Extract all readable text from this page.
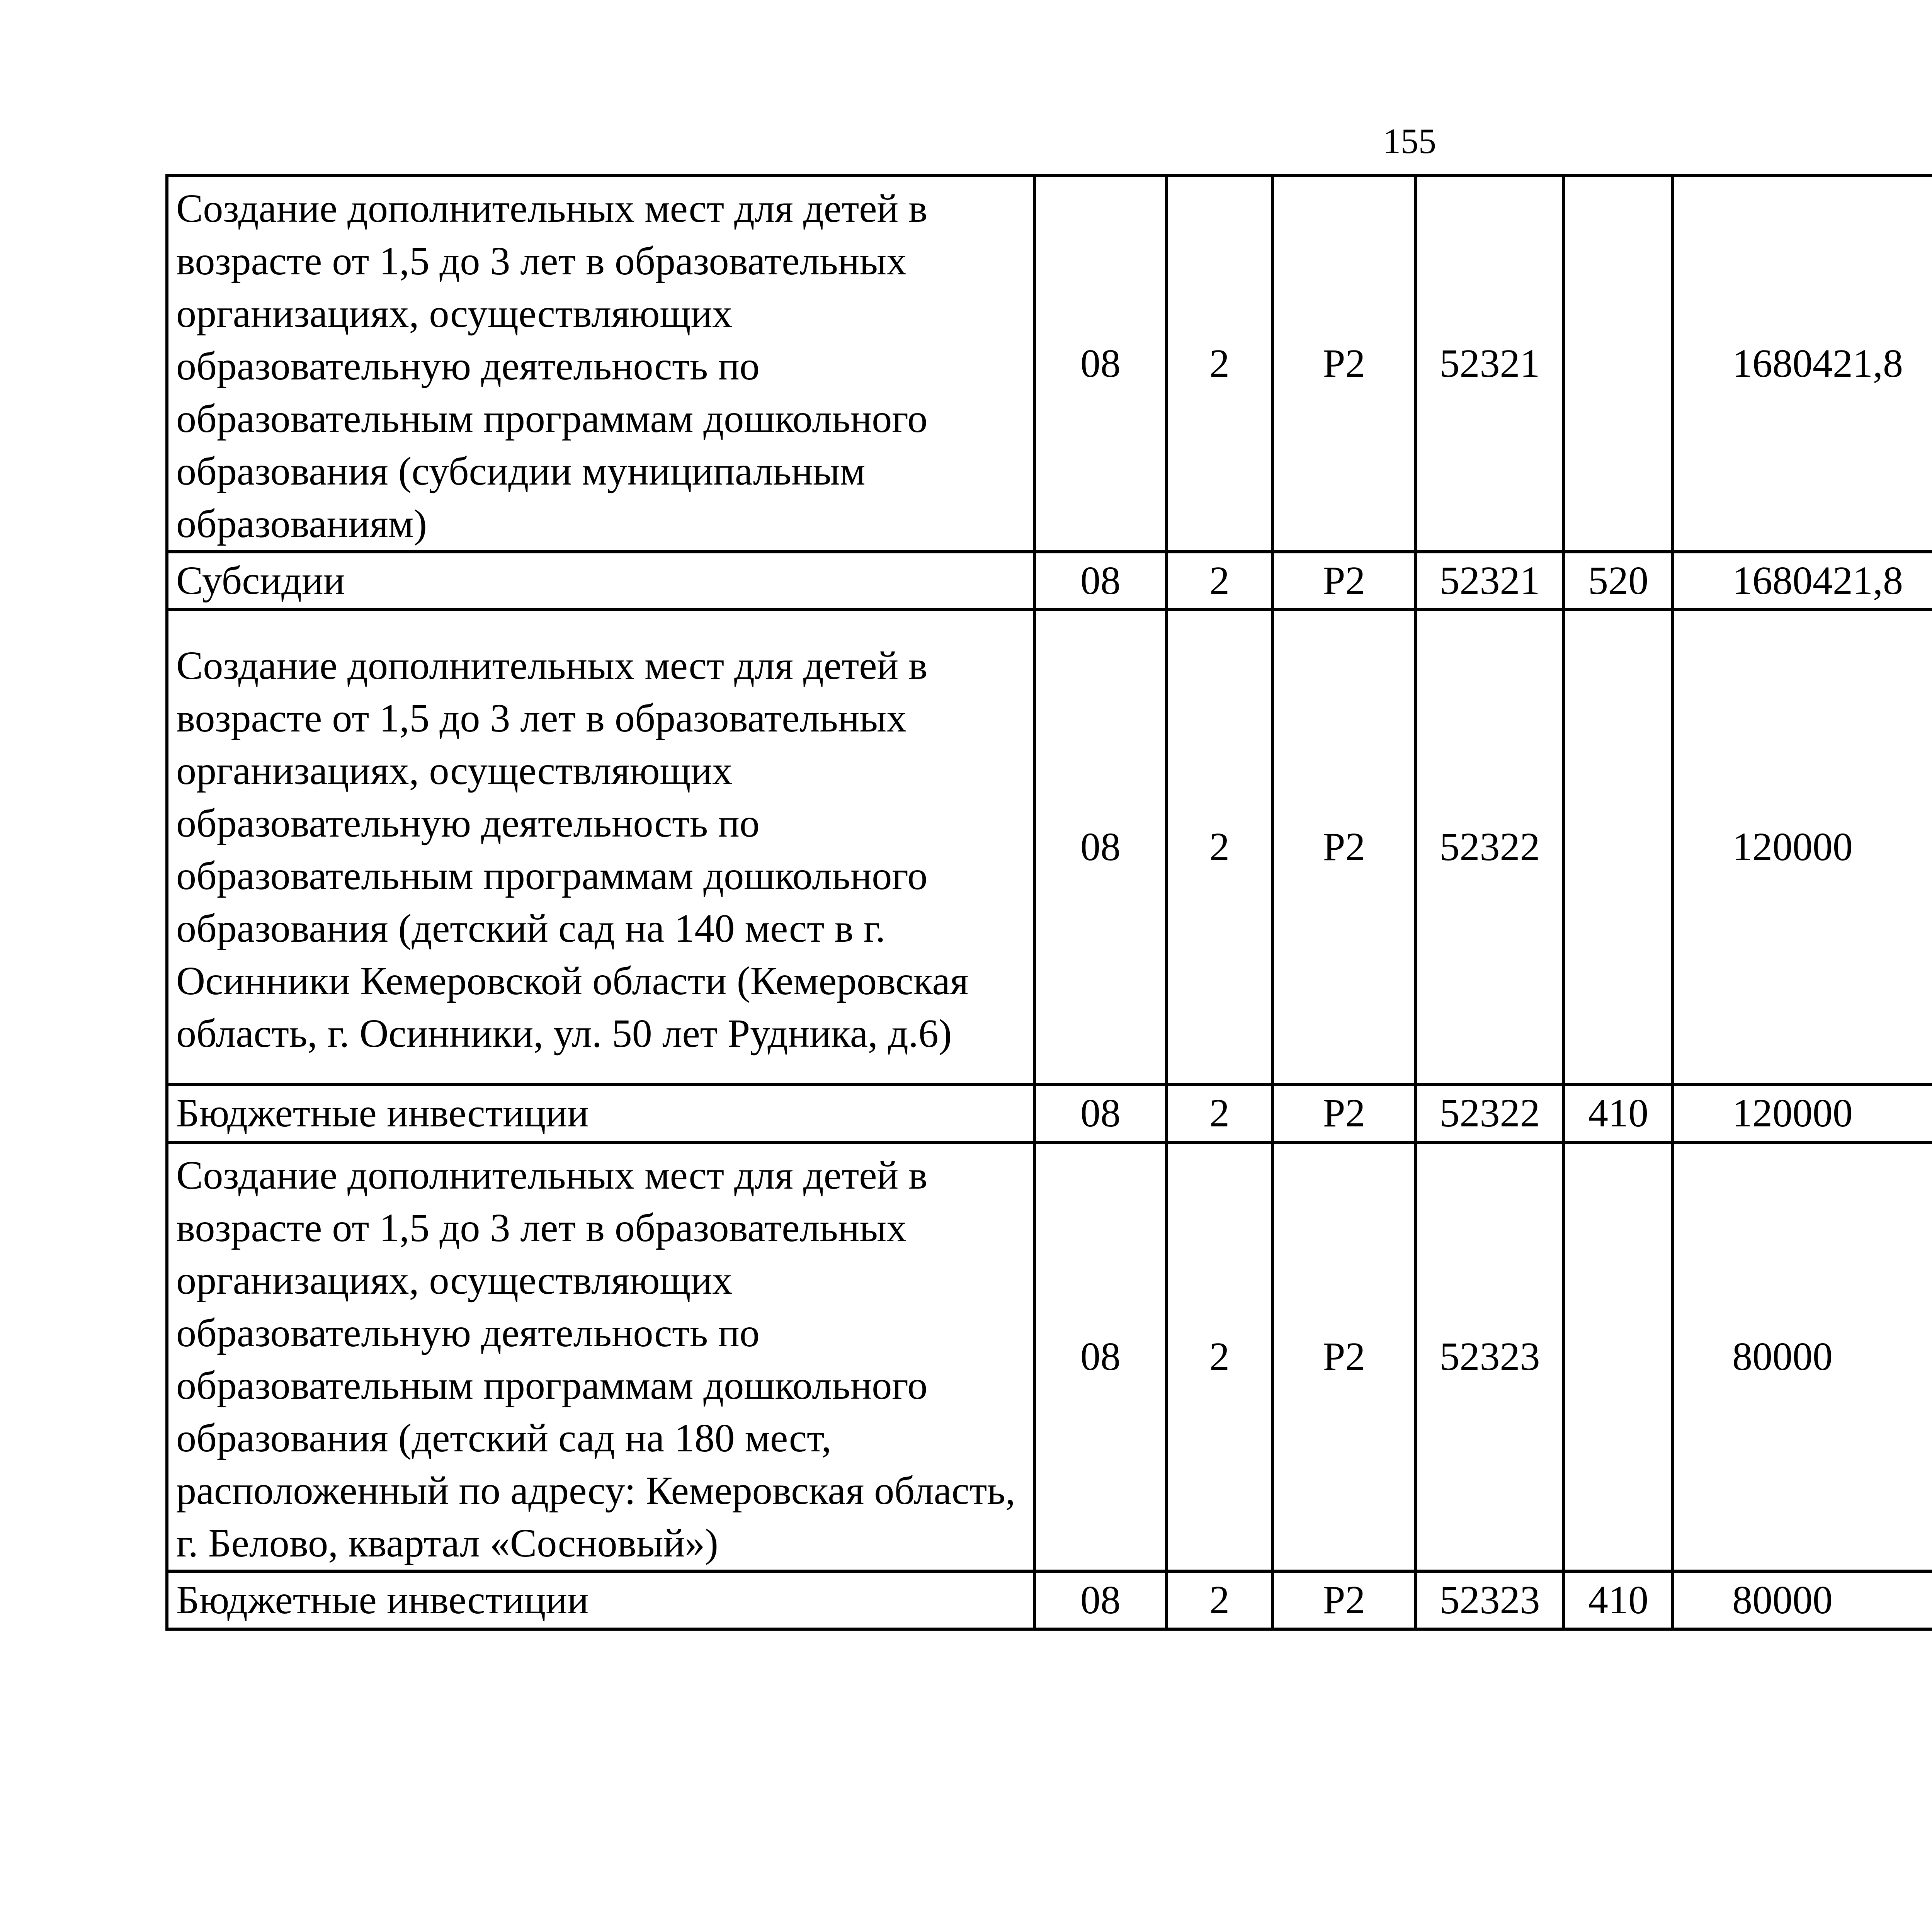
155
Создание дополнительных мест для детей в возрасте от 1,5 до 3 лет в образовательных организациях, осуществляющих образовательную деятельность по образовательным программам дошкольного образования (субсидии муниципальным образованиям)	08	2	P2	52321		1680421,8		
Субсидии	08	2	P2	52321	520	1680421,8		
Создание дополнительных мест для детей в возрасте от 1,5 до 3 лет в образовательных организациях, осуществляющих образовательную деятельность по образовательным программам дошкольного образования (детский сад на 140 мест в г. Осинники Кемеровской области (Кемеровская область, г. Осинники, ул. 50 лет Рудника, д.6)	08	2	P2	52322		120000		
Бюджетные инвестиции	08	2	P2	52322	410	120000		
Создание дополнительных мест для детей в возрасте от 1,5 до 3 лет в образовательных организациях, осуществляющих образовательную деятельность по образовательным программам дошкольного образования (детский сад на 180 мест, расположенный по адресу: Кемеровская область, г. Белово, квартал «Сосновый»)	08	2	P2	52323		80000		
Бюджетные инвестиции	08	2	P2	52323	410	80000		
